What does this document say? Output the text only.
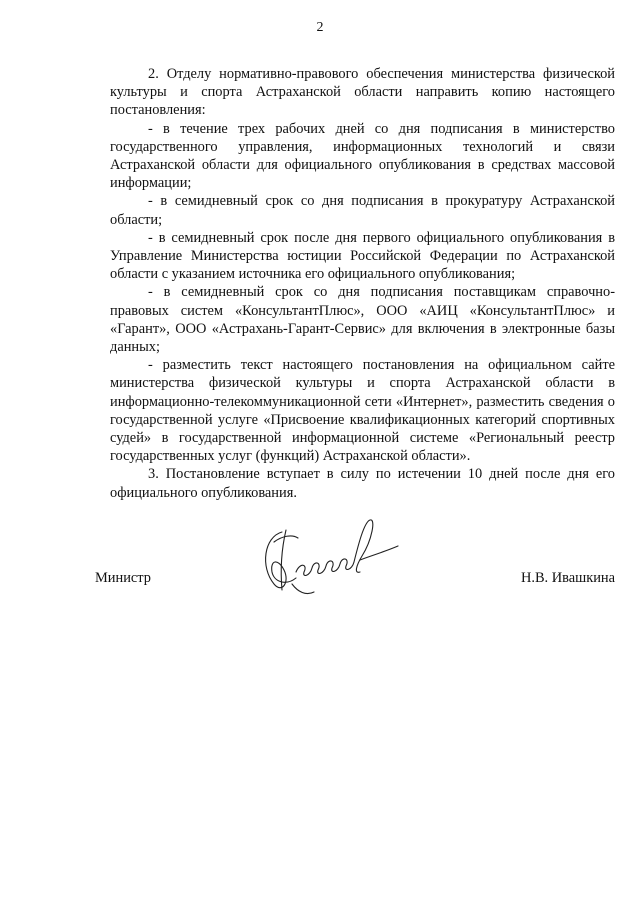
2

2. Отделу нормативно-правового обеспечения министерства физической культуры и спорта Астраханской области направить копию настоящего постановления:

- в течение трех рабочих дней со дня подписания в министерство государственного управления, информационных технологий и связи Астраханской области для официального опубликования в средствах массовой информации;

- в семидневный срок со дня подписания в прокуратуру Астраханской области;

- в семидневный срок после дня первого официального опубликования в Управление Министерства юстиции Российской Федерации по Астраханской области с указанием источника его официального опубликования;

- в семидневный срок со дня подписания поставщикам справочно-правовых систем «КонсультантПлюс», ООО «АИЦ «КонсультантПлюс» и «Гарант», ООО «Астрахань-Гарант-Сервис» для включения в электронные базы данных;

- разместить текст настоящего постановления на официальном сайте министерства физической культуры и спорта Астраханской области в информационно-телекоммуникационной сети «Интернет», разместить сведения о государственной услуге «Присвоение квалификационных категорий спортивных судей» в государственной информационной системе «Региональный реестр государственных услуг (функций) Астраханской области».

3. Постановление вступает в силу по истечении 10 дней после дня его официального опубликования.

Министр	Н.В. Ивашкина
